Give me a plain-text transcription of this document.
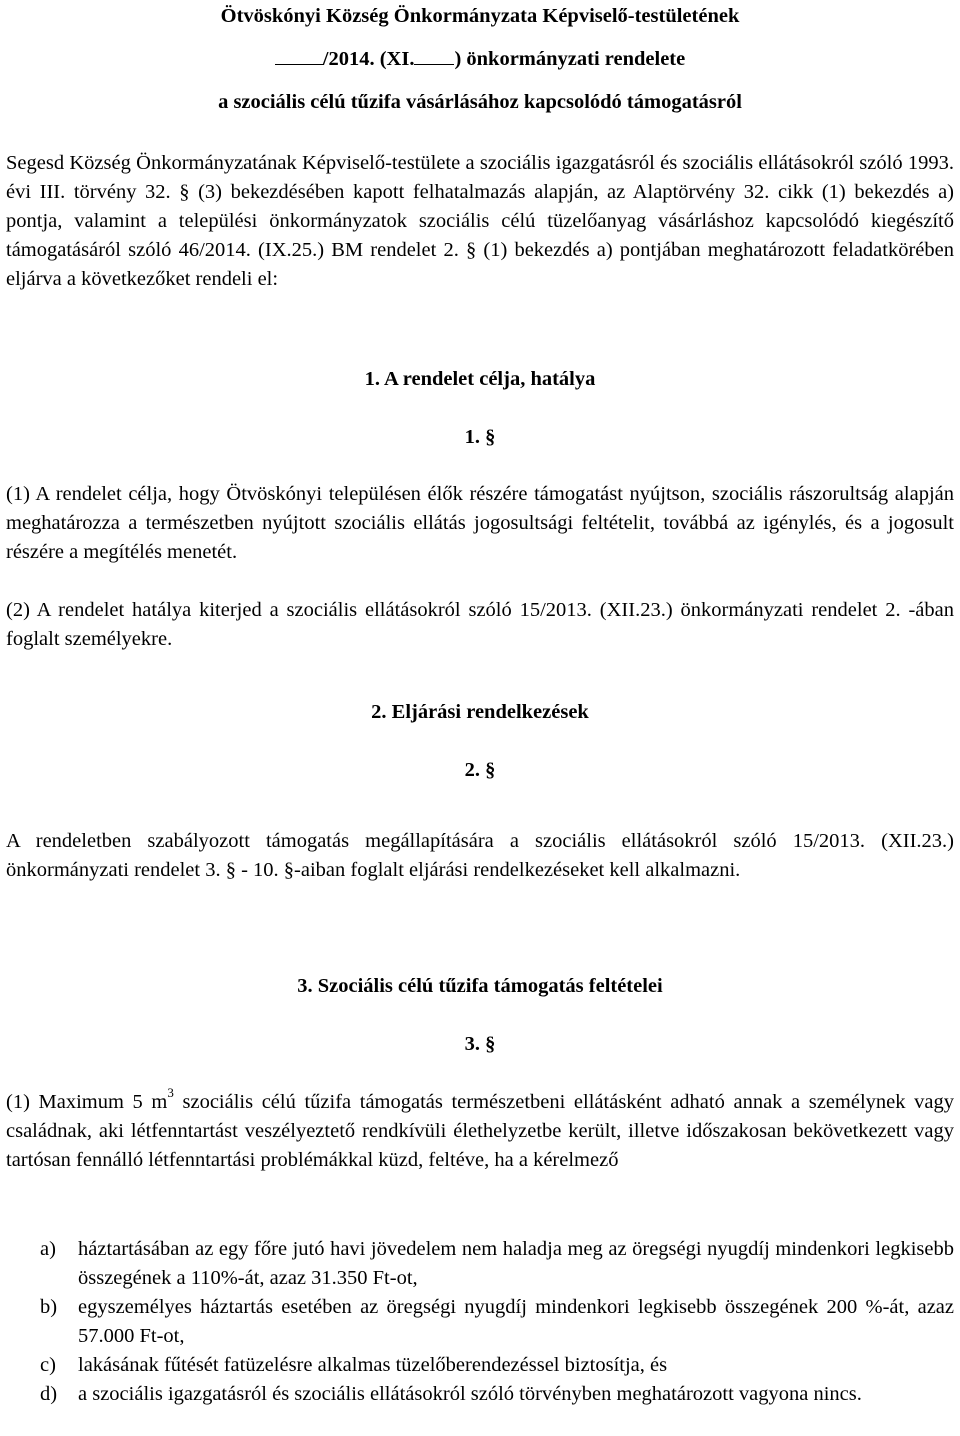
Ötvöskónyi Község Önkormányzata Képviselő-testületének
/2014. (XI. ) önkormányzati rendelete
a szociális célú tűzifa vásárlásához kapcsolódó támogatásról

Segesd Község Önkormányzatának Képviselő-testülete a szociális igazgatásról és szociális ellátásokról szóló 1993. évi III. törvény 32. § (3) bekezdésében kapott felhatalmazás alapján, az Alaptörvény 32. cikk (1) bekezdés a) pontja, valamint a települési önkormányzatok szociális célú tüzelőanyag vásárláshoz kapcsolódó kiegészítő támogatásáról szóló 46/2014. (IX.25.) BM rendelet 2. § (1) bekezdés a) pontjában meghatározott feladatkörében eljárva a következőket rendeli el:

1. A rendelet célja, hatálya
1. §

(1) A rendelet célja, hogy Ötvöskónyi településen élők részére támogatást nyújtson, szociális rászorultság alapján meghatározza a természetben nyújtott szociális ellátás jogosultsági feltételit, továbbá az igénylés, és a jogosult részére a megítélés menetét.

(2) A rendelet hatálya kiterjed a szociális ellátásokról szóló 15/2013. (XII.23.) önkormányzati rendelet 2. -ában foglalt személyekre.

2. Eljárási rendelkezések
2. §

A rendeletben szabályozott támogatás megállapítására a szociális ellátásokról szóló 15/2013. (XII.23.) önkormányzati rendelet 3. § - 10. §-aiban foglalt eljárási rendelkezéseket kell alkalmazni.

3. Szociális célú tűzifa támogatás feltételei
3. §

(1) Maximum 5 $m^3$ szociális célú tűzifa támogatás természetbeni ellátásként adható annak a személynek vagy családnak, aki létfenntartást veszélyeztető rendkívüli élethelyzetbe került, illetve időszakosan bekövetkezett vagy tartósan fennálló létfenntartási problémákkal küzd, feltéve, ha a kérelmező

a) háztartásában az egy főre jutó havi jövedelem nem haladja meg az öregségi nyugdíj mindenkori legkisebb összegének a 110%-át, azaz 31.350 Ft-ot,
b) egyszemélyes háztartás esetében az öregségi nyugdíj mindenkori legkisebb összegének 200 %-át, azaz 57.000 Ft-ot,
c) lakásának fűtését fatüzelésre alkalmas tüzelőberendezéssel biztosítja, és
d) a szociális igazgatásról és szociális ellátásokról szóló törvényben meghatározott vagyona nincs.
